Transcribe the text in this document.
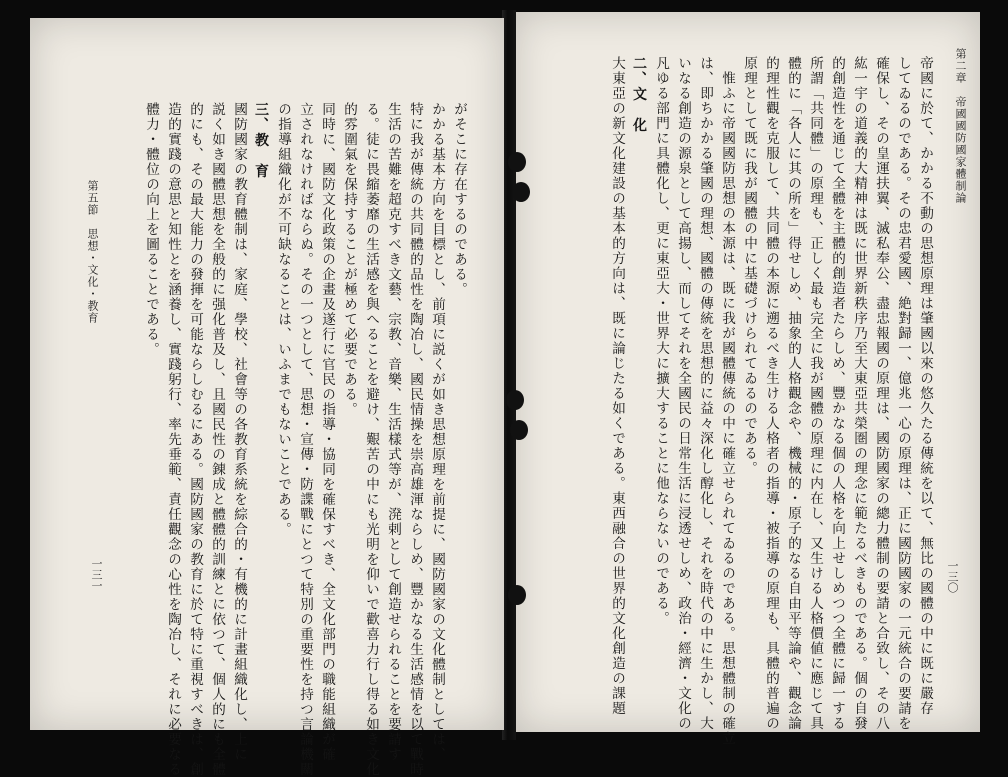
第二章　帝國國防國家體制論
一三〇

帝國に於て、かかる不動の思想原理は肇國以來の悠久たる傳統を以て、無比の國體の中に既に嚴存

してゐるのである。その忠君愛國、絶對歸一、億兆一心の原理は、正に國防國家の一元統合の要請を

確保し、その皇運扶翼、滅私奉公、盡忠報國の原理は、國防國家の總力體制の要請と合致し、その八

紘一宇の道義的大精神は既に世界新秩序乃至大東亞共榮圏の理念に範たるべきものである。個の自發

的創造性を通じて全體を主體的創造者たらしめ、豐かなる個の人格を向上せしめつつ全體に歸一する

所謂「共同體」の原理も、正しく最も完全に我が國體の原理に内在し、又生ける人格價値に應じて具

體的に「各人に其の所を」得せしめ、抽象的人格觀念や、機械的・原子的なる自由平等論や、觀念論

的理性觀を克服して、共同體の本源に遡るべき生ける人格者の指導・被指導の原理も、具體的普遍の

原理として既に我が國體の中に基礎づけられてゐるのである。

　惟ふに帝國國防思想の本源は、既に我が國體傳統の中に確立せられてゐるのである。思想體制の確立

は、即ちかかる肇國の理想、國體の傳統を思想的に益々深化し醇化し、それを時代の中に生かし、大

いなる創造の源泉として高揚し、而してそれを全國民の日常生活に浸透せしめ、政治・經濟・文化の

凡ゆる部門に具體化し、更に東亞大・世界大に擴大することに他ならないのである。

二、文　化

大東亞の新文化建設の基本的方向は、既に論じたる如くである。東西融合の世界的文化創造の課題

第五節　思想・文化・教育
一三一

がそこに存在するのである。

かかる基本方向を目標とし、前項に説くが如き思想原理を前提に、國防國家の文化體制としては、

特に我が傳統の共同體的品性を陶冶し、國民情操を崇高雄渾ならしめ、豐かなる生活感情を以て戰時

生活の苦難を超克すべき文藝、宗教、音樂、生活樣式等が、溌剌として創造せられることを要請す

る。徒に畏縮萎靡の生活感を與へることを避け、艱苦の中にも光明を仰いで歡喜力行し得る如き文化

的雰圍氣を保持することが極めて必要である。

同時に、國防文化政策の企畫及遂行に官民の指導・協同を確保すべき、全文化部門の職能組織が確

立されなければならぬ。その一つとして、思想・宣傳・防諜戰にとつて特別の重要性を持つ言論機關

の指導組織化が不可缺なることは、いふまでもないことである。

三、教　育

國防國家の教育體制は、家庭、學校、社會等の各教育系統を綜合的・有機的に計畫組織化し、上に

説く如き國體思想を全般的に强化普及し、且國民性の錬成と體體的訓練とに依つて、個人的にも全體

的にも、その最大能力の發揮を可能ならしむるにある。國防國家の教育に於て特に重視すべきは、創

造的實踐の意思と知性とを涵養し、實踐躬行、率先垂範、責任觀念の心性を陶冶し、それに必要なる

體力・體位の向上を圖ることである。
